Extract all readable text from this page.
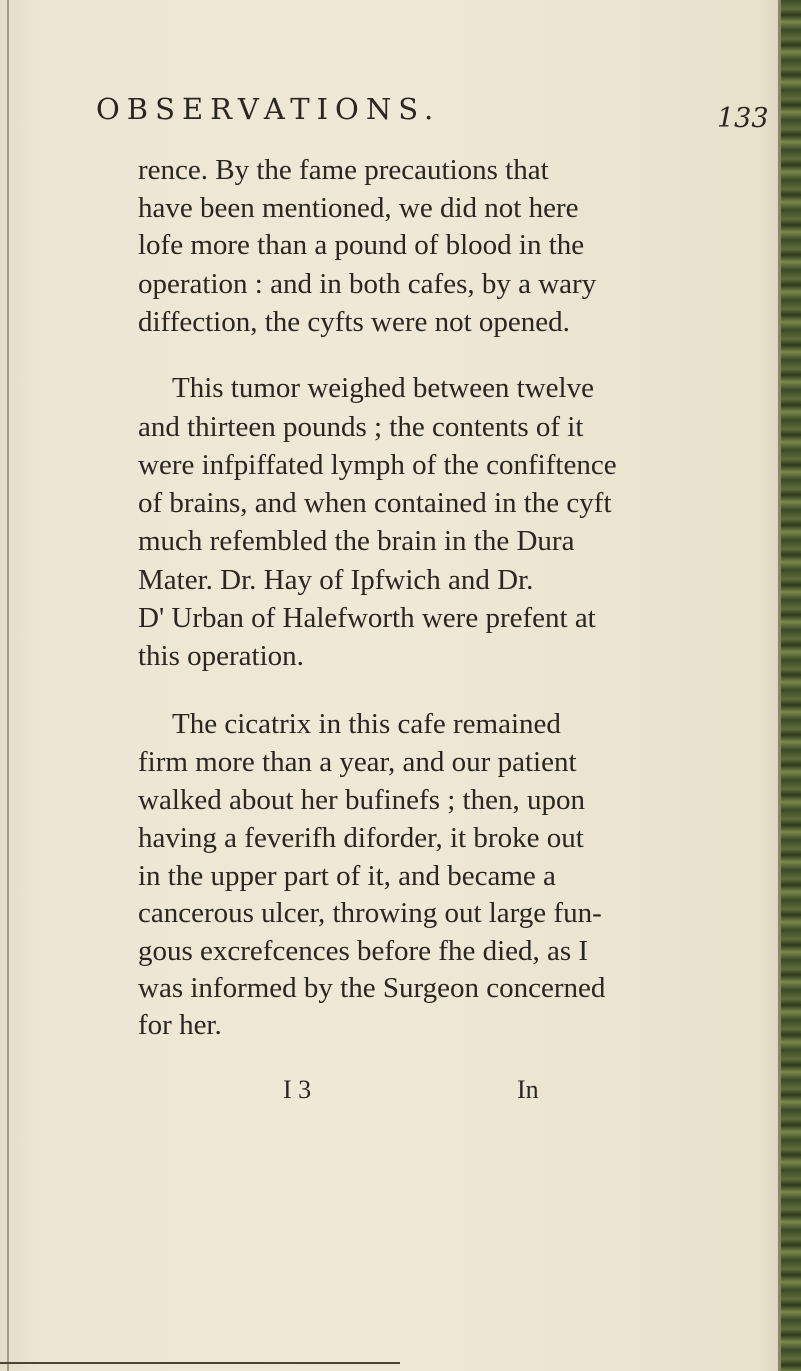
OBSERVATIONS.	133
rence. By the fame precautions that
have been mentioned, we did not here
lofe more than a pound of blood in the
operation : and in both cafes, by a wary
diffection, the cyfts were not opened.
This tumor weighed between twelve
and thirteen pounds ; the contents of it
were infpiffated lymph of the confiftence
of brains, and when contained in the cyft
much refembled the brain in the Dura
Mater. Dr. Hay of Ipfwich and Dr.
D' Urban of Halefworth were prefent at
this operation.
The cicatrix in this cafe remained
firm more than a year, and our patient
walked about her bufinefs ; then, upon
having a feverifh diforder, it broke out
in the upper part of it, and became a
cancerous ulcer, throwing out large fun-
gous excrefcences before fhe died, as I
was informed by the Surgeon concerned
for her.
I 3	In
